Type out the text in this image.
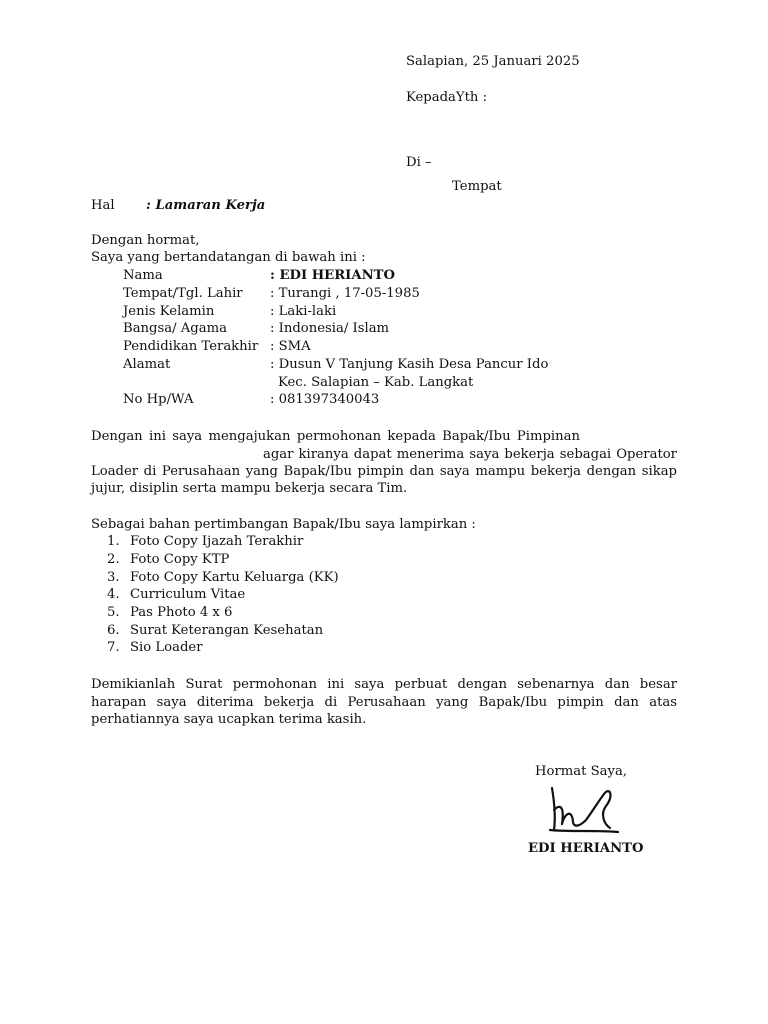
Salapian, 25 Januari 2025
KepadaYth :
Di –
Tempat
Hal : Lamaran Kerja
Dengan hormat,
Saya yang bertandatangan di bawah ini :
Nama	: EDI HERIANTO
Tempat/Tgl. Lahir : Turangi , 17-05-1985
Jenis Kelamin	: Laki-laki
Bangsa/ Agama	: Indonesia/ Islam
Pendidikan Terakhir : SMA
Alamat	: Dusun V Tanjung Kasih Desa Pancur Ido
Kec. Salapian – Kab. Langkat
No Hp/WA	: 081397340043
Dengan ini saya mengajukan permohonan kepada Bapak/Ibu Pimpinan
agar kiranya dapat menerima saya bekerja sebagai Operator
Loader di Perusahaan yang Bapak/Ibu pimpin dan saya mampu bekerja dengan sikap
jujur, disiplin serta mampu bekerja secara Tim.
Sebagai bahan pertimbangan Bapak/Ibu saya lampirkan :
1. Foto Copy Ijazah Terakhir
2. Foto Copy KTP
3. Foto Copy Kartu Keluarga (KK)
4. Curriculum Vitae
5. Pas Photo 4 x 6
6. Surat Keterangan Kesehatan
7. Sio Loader
Demikianlah Surat permohonan ini saya perbuat dengan sebenarnya dan besar harapan saya diterima bekerja di Perusahaan yang Bapak/Ibu pimpin dan atas perhatiannya saya ucapkan terima kasih.
Hormat Saya,
EDI HERIANTO
